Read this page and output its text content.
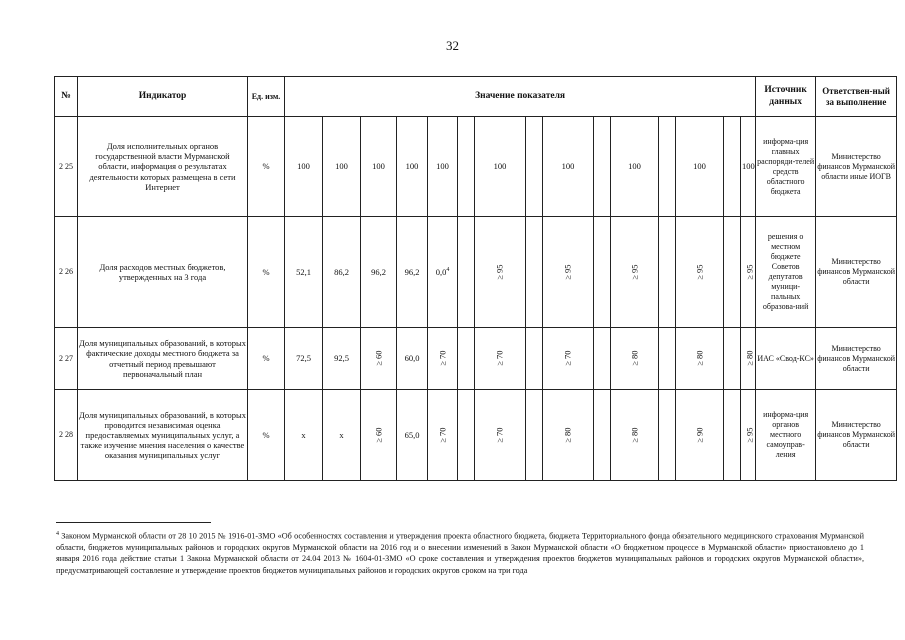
32
№	Индикатор	Ед. изм.	Значение показателя															Источник данных	Ответствен-ный за выполнение
2 25	Доля исполнительных органов государственной власти Мурманской области, информация о результатах деятельности которых размещена в сети Интернет	%	100	100	100	100	100		100		100		100		100		100	информа-ция главных распоряди-телей средств областного бюджета	Министерство финансов Мурманской области иные ИОГВ
2 26	Доля расходов местных бюджетов, утвержденных на 3 года	%	52,1	86,2	96,2	96,2	$0,0^4$		≥ 95		≥ 95		≥ 95		≥ 95		≥ 95	решения о местном бюджете Советов депутатов муници-пальных образова-ний	Министерство финансов Мурманской области
2 27	Доля муниципальных образований, в которых фактические доходы местного бюджета за отчетный период превышают первоначальный план	%	72,5	92,5	≥ 60	60,0	≥ 70		≥ 70		≥ 70		≥ 80		≥ 80		≥ 80	ИАС «Свод-КС»	Министерство финансов Мурманской области
2 28	Доля муниципальных образований, в которых проводится независимая оценка предоставляемых муниципальных услуг, а также изучение мнения населения о качестве оказания муниципальных услуг	%	х	х	≥ 60	65,0	≥ 70		≥ 70		≥ 80		≥ 80		≥ 90		≥ 95	информа-ция органов местного самоуправ-ления	Министерство финансов Мурманской области
$^4$ Законом Мурманской области от 28 10 2015 № 1916-01-ЗМО «Об особенностях составления и утверждения проекта областного бюджета, бюджета Территориального фонда обязательного медицинского страхования Мурманской области, бюджетов муниципальных районов и городских округов Мурманской области на 2016 год и о внесении изменений в Закон Мурманской области «О бюджетном процессе в Мурманской области» приостановлено до 1 января 2016 года действие статьи 1 Закона Мурманской области от 24.04 2013 № 1604-01-ЗМО «О сроке составления и утверждения проектов бюджетов муниципальных районов и городских округов Мурманской области», предусматривающей составление и утверждение проектов бюджетов муниципальных районов и городских округов сроком на три года
